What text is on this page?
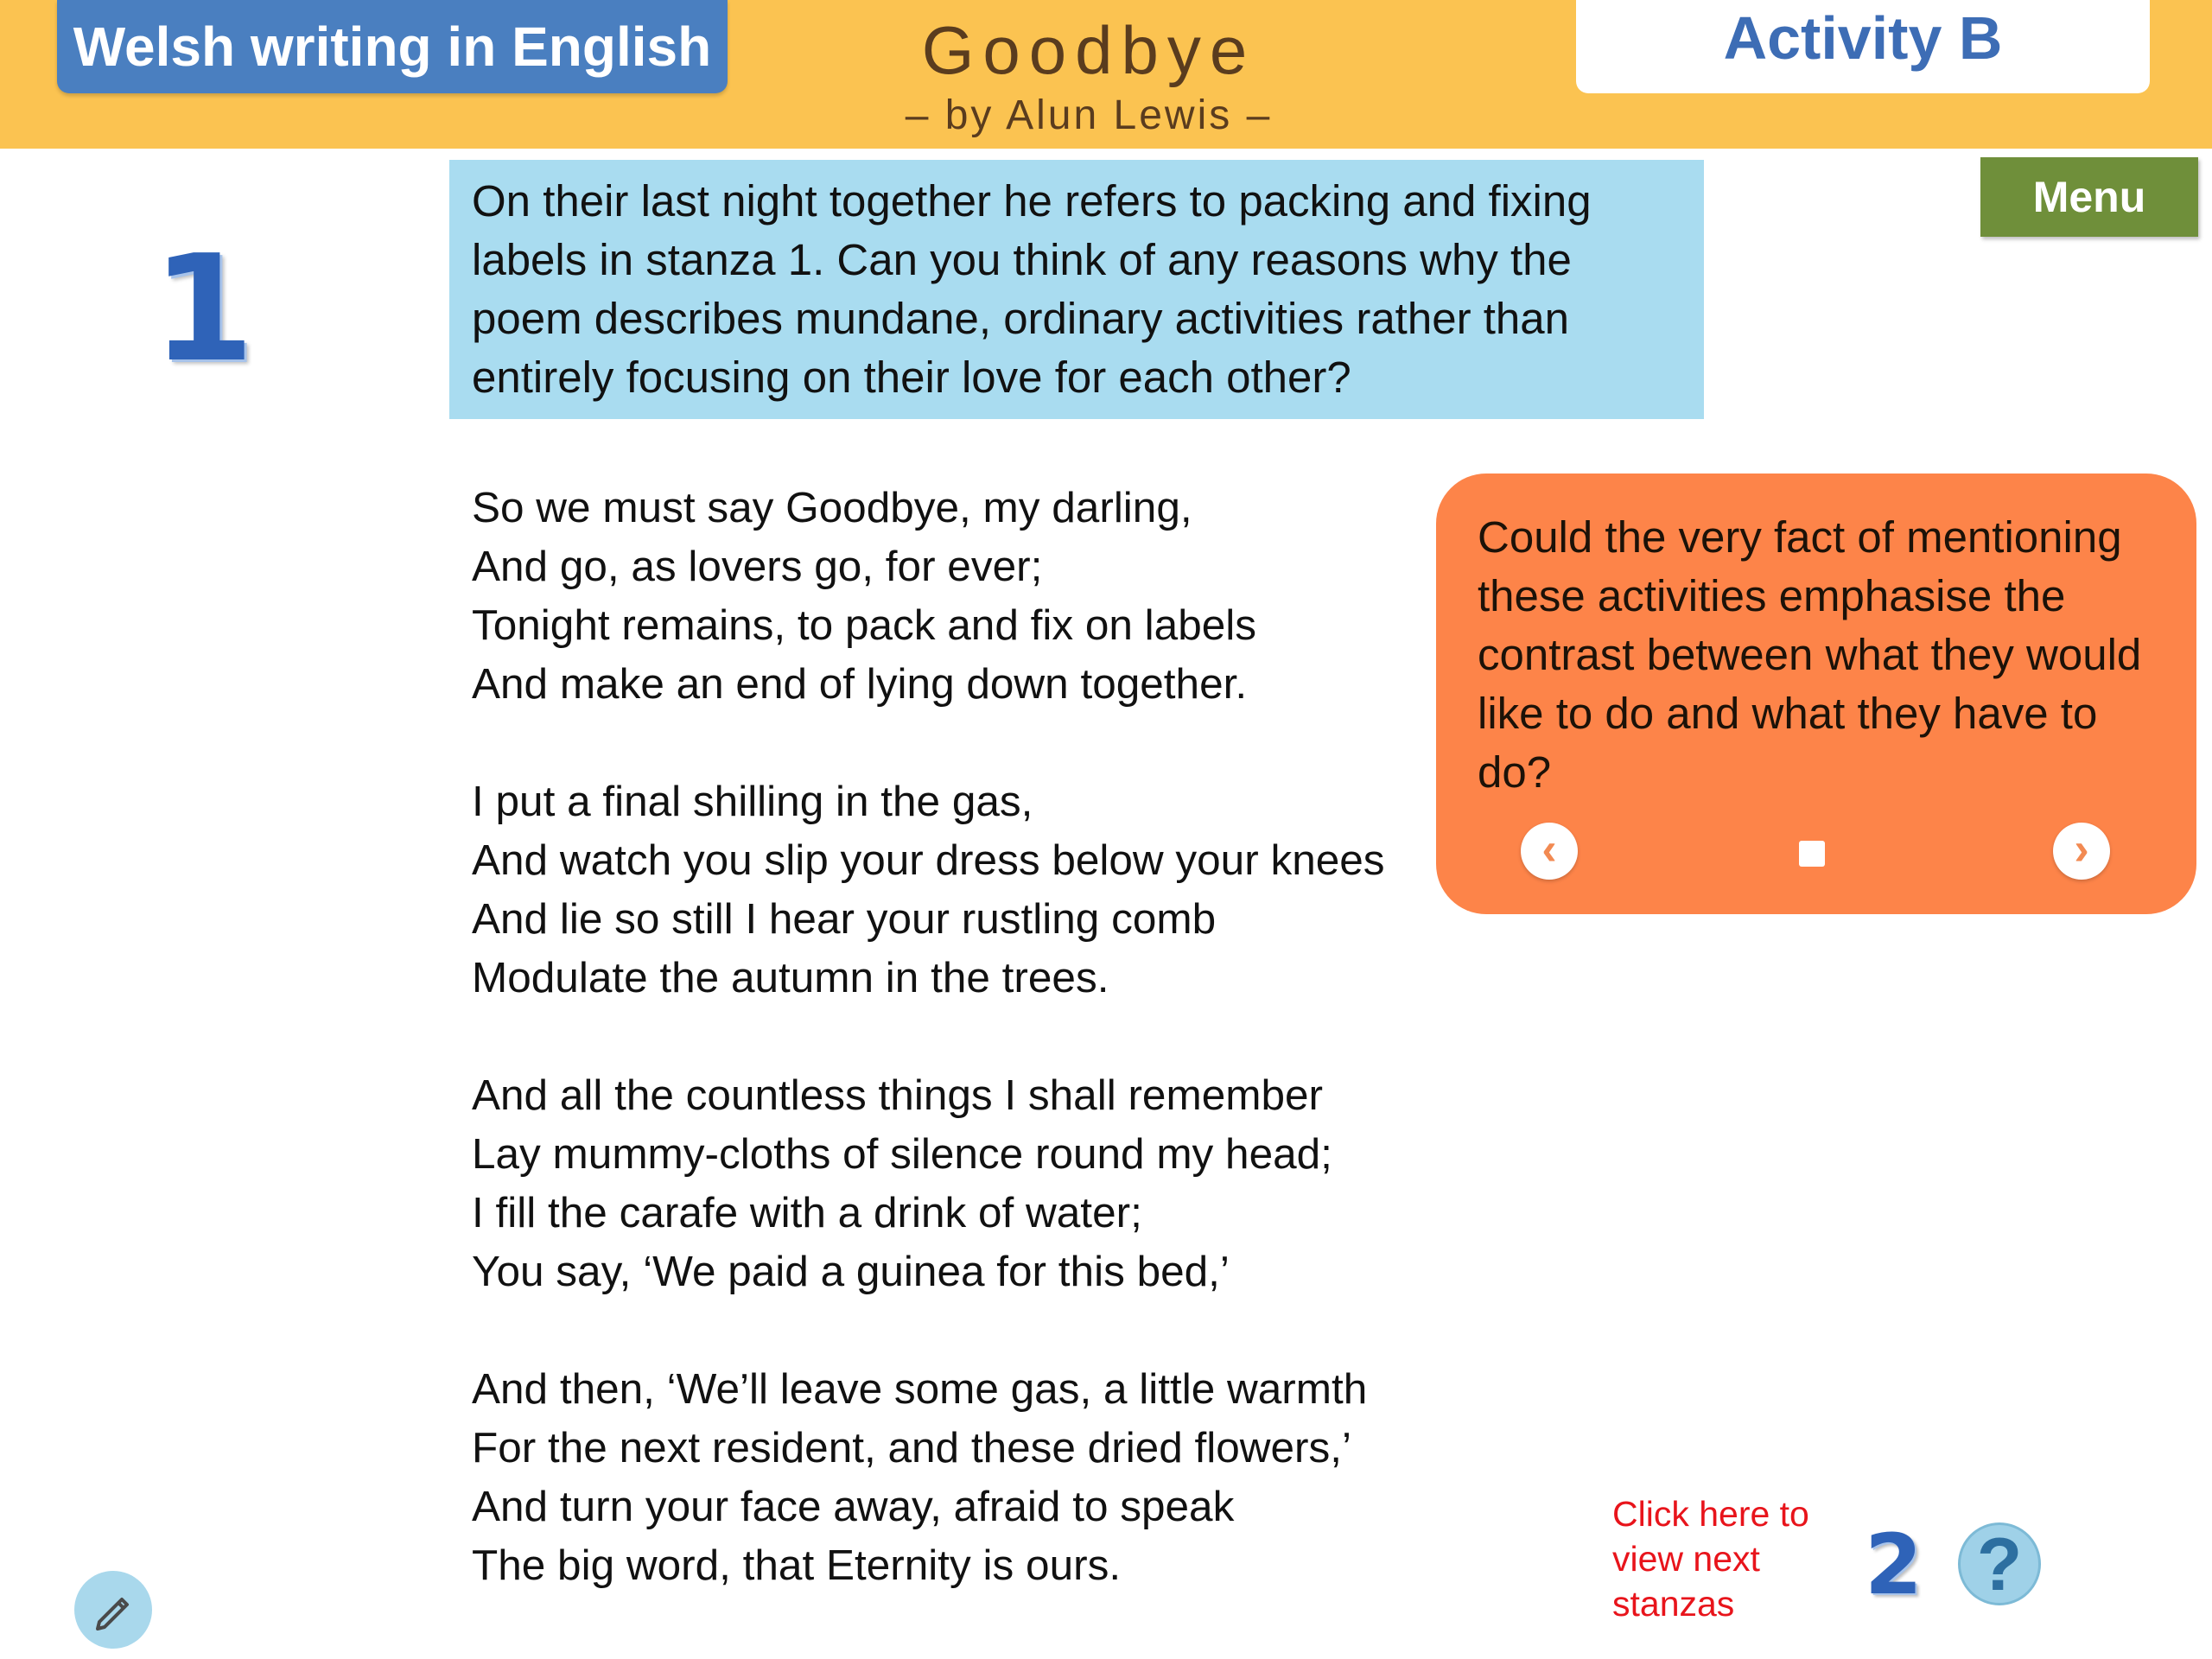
Welsh writing in English	Goodbye
– by Alun Lewis –
Activity B
1
On their last night together he refers to packing and fixing labels in stanza 1. Can you think of any reasons why the poem describes mundane, ordinary activities rather than entirely focusing on their love for each other?
Menu
So we must say Goodbye, my darling,
And go, as lovers go, for ever;
Tonight remains, to pack and fix on labels
And make an end of lying down together.
I put a final shilling in the gas,
And watch you slip your dress below your knees
And lie so still I hear your rustling comb
Modulate the autumn in the trees.
And all the countless things I shall remember
Lay mummy-cloths of silence round my head;
I fill the carafe with a drink of water;
You say, ‘We paid a guinea for this bed,’
And then, ‘We’ll leave some gas, a little warmth
For the next resident, and these dried flowers,’
And turn your face away, afraid to speak
The big word, that Eternity is ours.
Could the very fact of mentioning these activities emphasise the contrast between what they would like to do and what they have to do?
‹	›
Click here to view next stanzas	2 ?
